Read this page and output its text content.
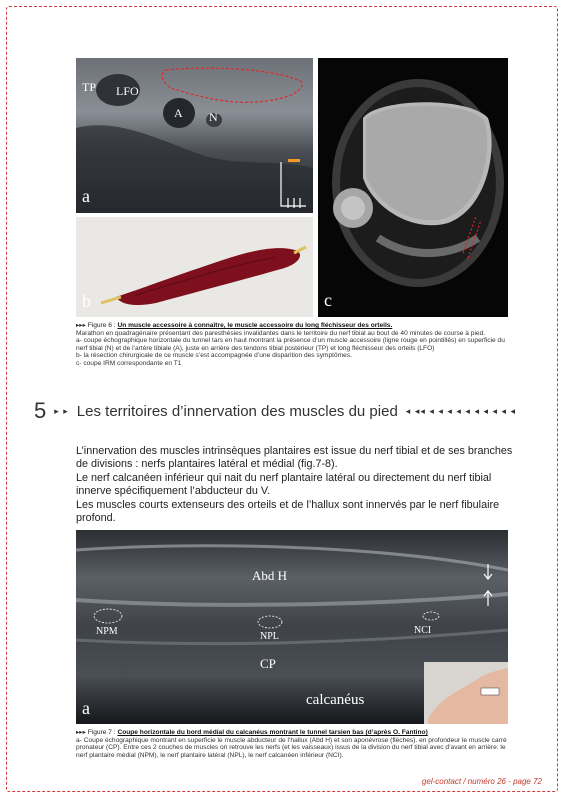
a
TP LFO
A N
b	c
▸▸▸ Figure 6 : Un muscle accessoire à connaître, le muscle accessoire du long fléchisseur des orteils.
Marathon en quadragénaire présentant des paresthésies invalidantes dans le territoire du nerf tibial au bout de 40 minutes de course à pied.
a- coupe échographique horizontale du tunnel tars en haut montrant la présence d’un muscle accessoire (ligne rouge en pointillés) en superficie du nerf tibial (N) et de l’artère tibiale (A), juste en arrière des tendons tibial postérieur (TP) et long fléchisseur des orteils (LFO)
b- la résection chirurgicale de ce muscle s’est accompagnée d’une disparition des symptômes.
c- coupe IRM correspondante en T1
5 ▸ ▸ Les territoires d’innervation des muscles du pied ◂ ◂◂ ◂ ◂ ◂ ◂ ◂ ◂ ◂ ◂ ◂ ◂

L’innervation des muscles intrinsèques plantaires est issue du nerf tibial et de ses branches de divisions : nerfs plantaires latéral et médial (fig.7-8).

Le nerf calcanéen inférieur qui nait du nerf plantaire latéral ou directement du nerf tibial innerve spécifiquement l’abducteur du V.

Les muscles courts extenseurs des orteils et de l’hallux sont innervés par le nerf fibulaire profond.

a
Abd H
NPM	NPL
NCI
CP
calcanéus
▸▸▸ Figure 7 : Coupe horizontale du bord médial du calcanéus montrant le tunnel tarsien bas (d’après O. Fantino)
a- Coupe échographique montrant en superficie le muscle abducteur de l’hallux (Abd H) et son aponévrose (flèches). en profondeur le muscle carré pronateur (CP). Entre ces 2 couches de muscles on retrouve les nerfs (et les vaisseaux) issus de la division du nerf tibial avec d’avant en arrière: le nerf plantaire médial (NPM), le nerf plantaire latéral (NPL), le nerf calcanéen inférieur (NCI).
gel-contact / numéro 26 - page 72
